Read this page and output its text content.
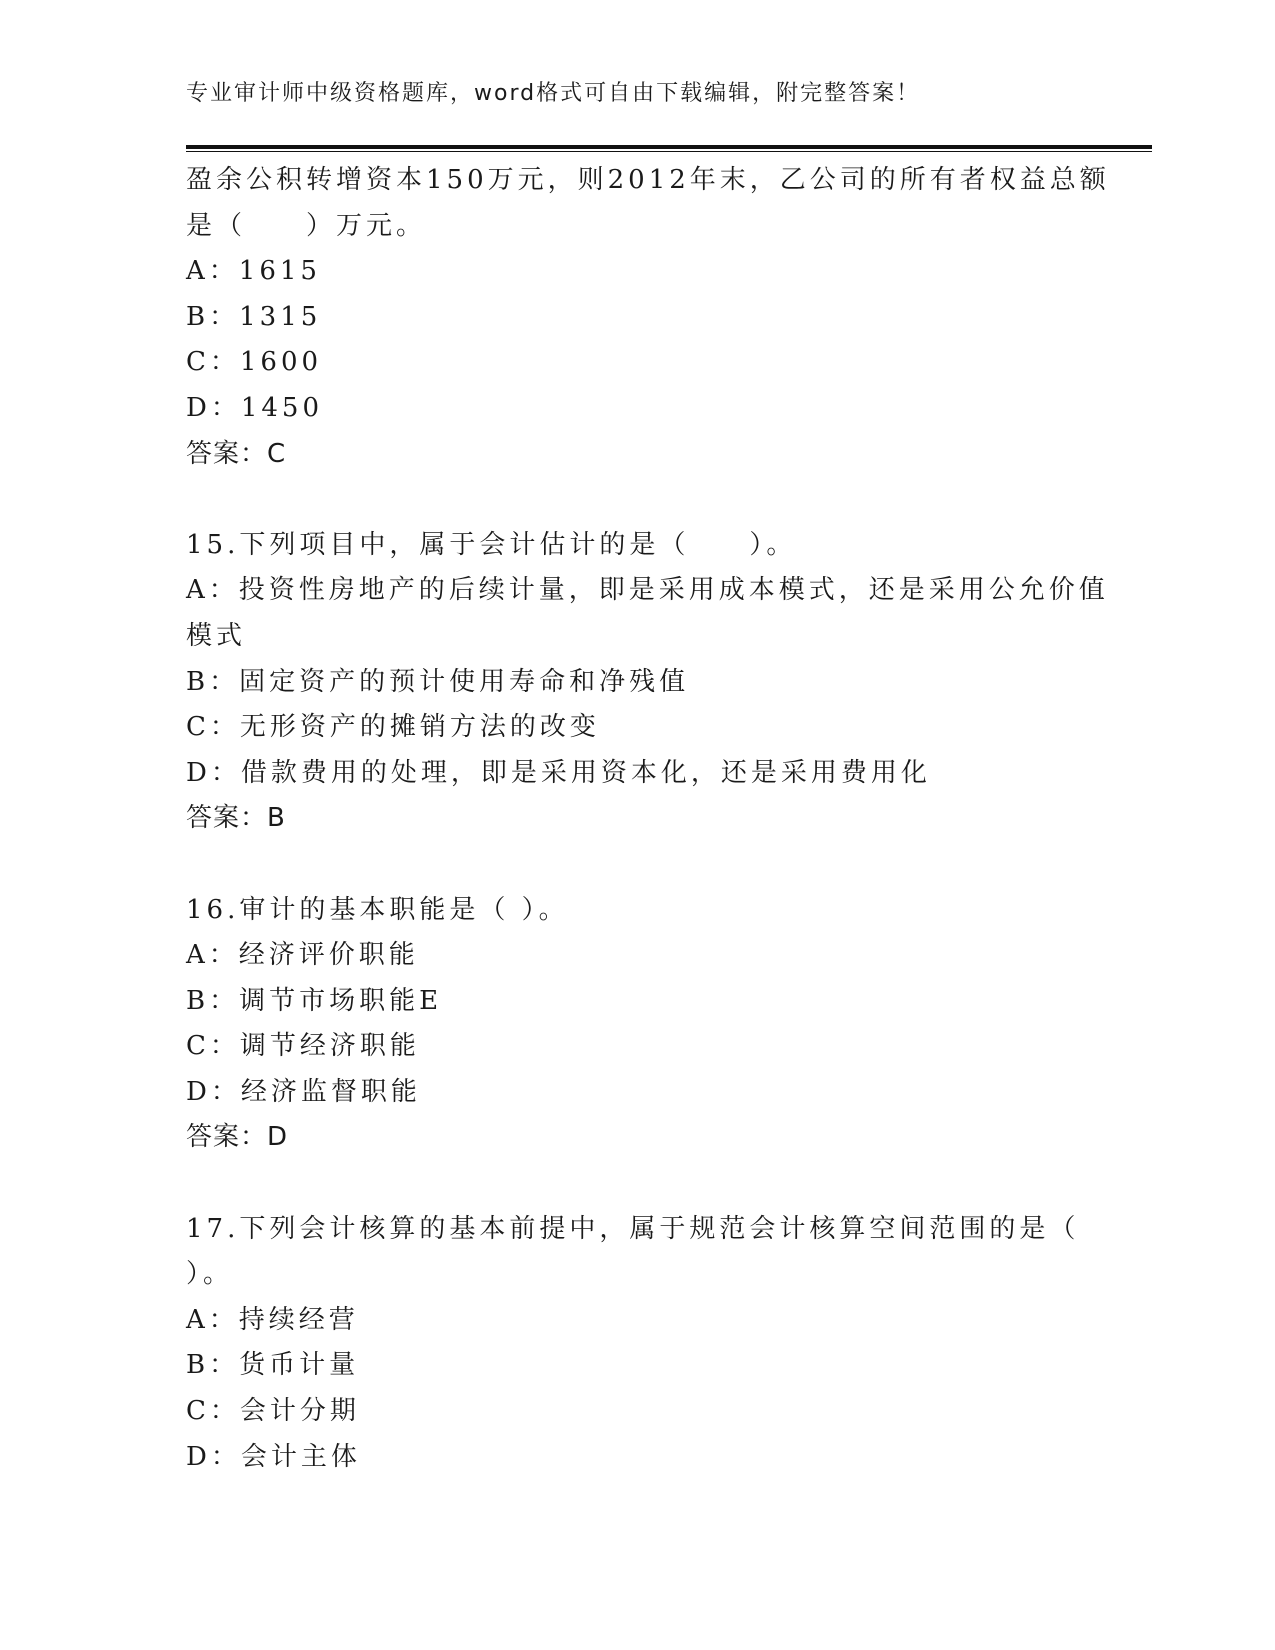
专业审计师中级资格题库，word格式可自由下载编辑，附完整答案！
盈余公积转增资本150万元，则2012年末，乙公司的所有者权益总额
是（　　）万元。
A：1615
B：1315
C：1600
D：1450
答案：C
15.下列项目中，属于会计估计的是（　　）。
A：投资性房地产的后续计量，即是采用成本模式，还是采用公允价值
模式
B：固定资产的预计使用寿命和净残值
C：无形资产的摊销方法的改变
D：借款费用的处理，即是采用资本化，还是采用费用化
答案：B
16.审计的基本职能是（ ）。
A：经济评价职能
B：调节市场职能E
C：调节经济职能
D：经济监督职能
答案：D
17.下列会计核算的基本前提中，属于规范会计核算空间范围的是（
）。
A：持续经营
B：货币计量
C：会计分期
D：会计主体
